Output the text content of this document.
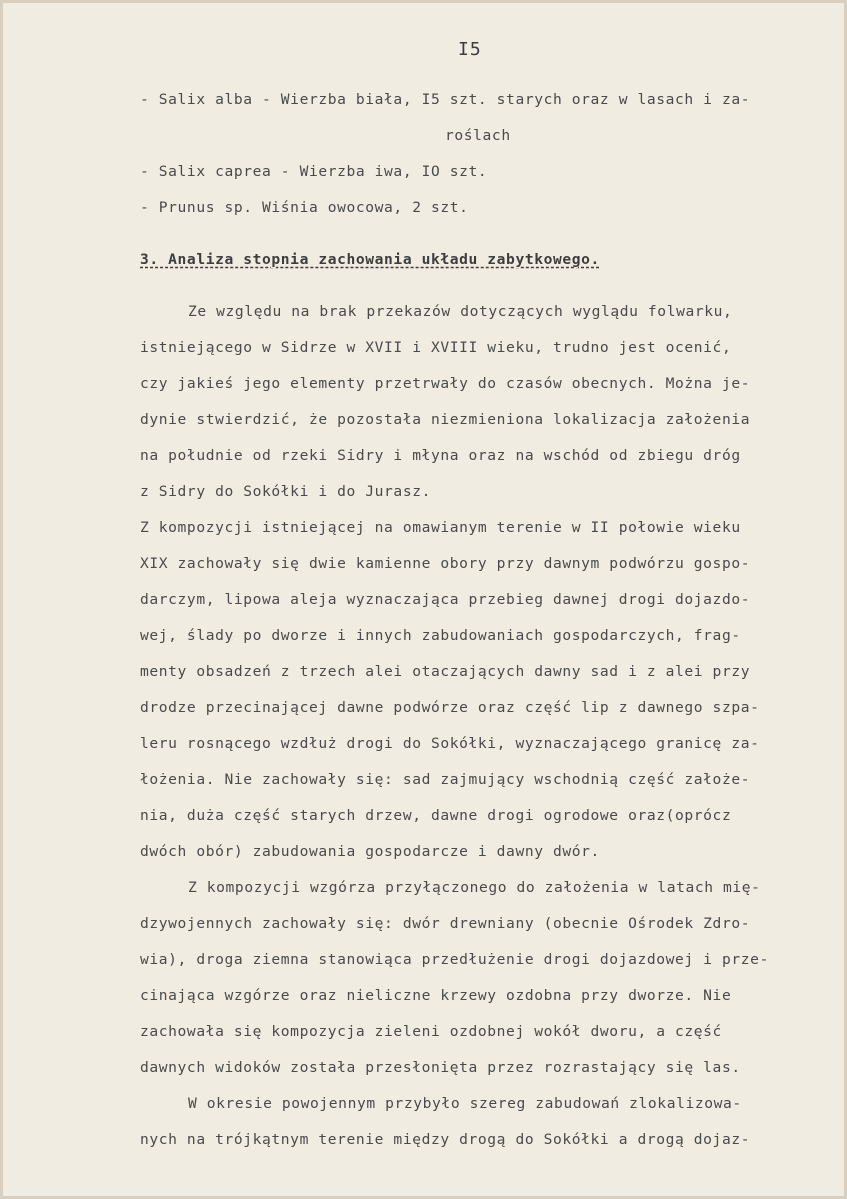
I5
- Salix alba - Wierzba biała, I5 szt. starych oraz w lasach i za-
roślach
- Salix caprea - Wierzba iwa, IO szt.
- Prunus sp. Wiśnia owocowa, 2 szt.
3. Analiza stopnia zachowania układu zabytkowego.
Ze względu na brak przekazów dotyczących wyglądu folwarku,
istniejącego w Sidrze w XVII i XVIII wieku, trudno jest ocenić,
czy jakieś jego elementy przetrwały do czasów obecnych. Można je-
dynie stwierdzić, że pozostała niezmieniona lokalizacja założenia
na południe od rzeki Sidry i młyna oraz na wschód od zbiegu dróg
z Sidry do Sokółki i do Jurasz.
Z kompozycji istniejącej na omawianym terenie w II połowie wieku
XIX zachowały się dwie kamienne obory przy dawnym podwórzu gospo-
darczym, lipowa aleja wyznaczająca przebieg dawnej drogi dojazdo-
wej, ślady po dworze i innych zabudowaniach gospodarczych, frag-
menty obsadzeń z trzech alei otaczających dawny sad i z alei przy
drodze przecinającej dawne podwórze oraz część lip z dawnego szpa-
leru rosnącego wzdłuż drogi do Sokółki, wyznaczającego granicę za-
łożenia. Nie zachowały się: sad zajmujący wschodnią część założe-
nia, duża część starych drzew, dawne drogi ogrodowe oraz(oprócz
dwóch obór) zabudowania gospodarcze i dawny dwór.
Z kompozycji wzgórza przyłączonego do założenia w latach mię-
dzywojennych zachowały się: dwór drewniany (obecnie Ośrodek Zdro-
wia), droga ziemna stanowiąca przedłużenie drogi dojazdowej i prze-
cinająca wzgórze oraz nieliczne krzewy ozdobna przy dworze. Nie
zachowała się kompozycja zieleni ozdobnej wokół dworu, a część
dawnych widoków została przesłonięta przez rozrastający się las.
W okresie powojennym przybyło szereg zabudowań zlokalizowa-
nych na trójkątnym terenie między drogą do Sokółki a drogą dojaz-
